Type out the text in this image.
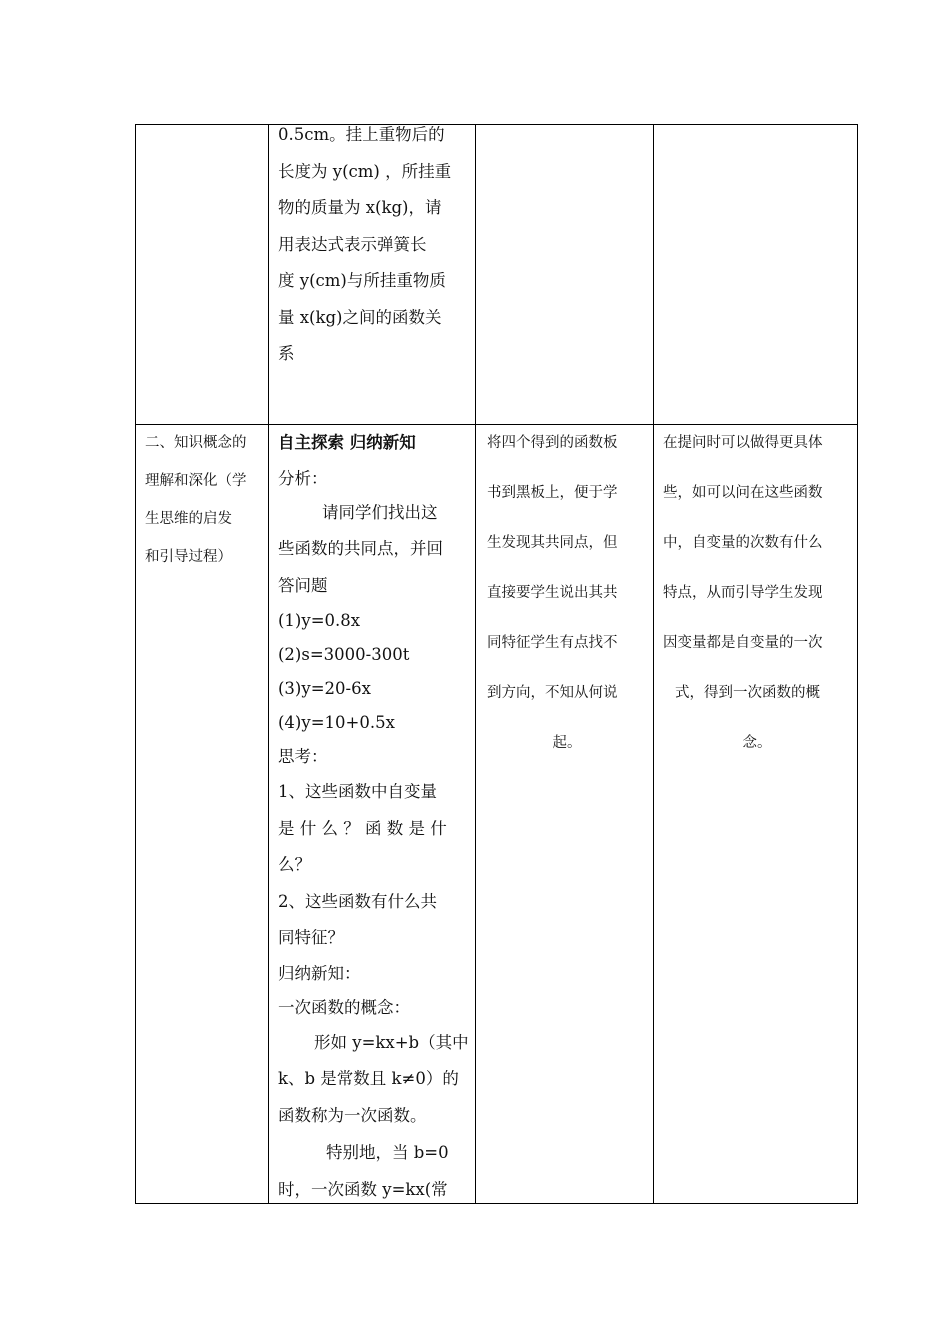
0.5cm。挂上重物后的
长度为 y(cm) ，所挂重
物的质量为 x(kg)，请
用表达式表示弹簧长
度 y(cm)与所挂重物质
量 x(kg)之间的函数关
系
二、知识概念的
理解和深化（学
生思维的启发
和引导过程）
自主探索 归纳新知
分析：
请同学们找出这
些函数的共同点，并回
答问题
(1)y=0.8x
(2)s=3000-300t
(3)y=20-6x
(4)y=10+0.5x
思考：
1、这些函数中自变量
是 什 么 ？ 函 数 是 什
么？
2、这些函数有什么共
同特征？
归纳新知：
一次函数的概念：
形如 y=kx+b（其中
k、b 是常数且 k≠0）的
函数称为一次函数。
特别地，当 b=0
时，一次函数 y=kx(常
将四个得到的函数板
书到黑板上，便于学
生发现其共同点，但
直接要学生说出其共
同特征学生有点找不
到方向，不知从何说
起。
在提问时可以做得更具体
些，如可以问在这些函数
中，自变量的次数有什么
特点，从而引导学生发现
因变量都是自变量的一次
式，得到一次函数的概
念。
